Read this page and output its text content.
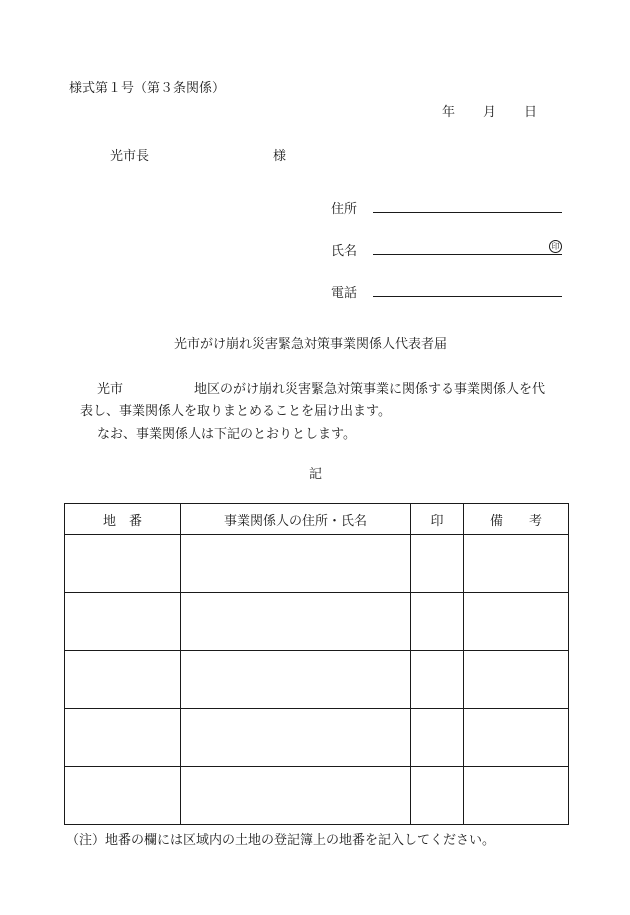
様式第１号（第３条関係）
年 月 日
光市長	様
住所
氏名	印
電話
光市がけ崩れ災害緊急対策事業関係人代表者届
光市	地区のがけ崩れ災害緊急対策事業に関係する事業関係人を代
表し、事業関係人を取りまとめることを届け出ます。
なお、事業関係人は下記のとおりとします。
記
地　番	事業関係人の住所・氏名	印	備　　考

（注）地番の欄には区域内の土地の登記簿上の地番を記入してください。
